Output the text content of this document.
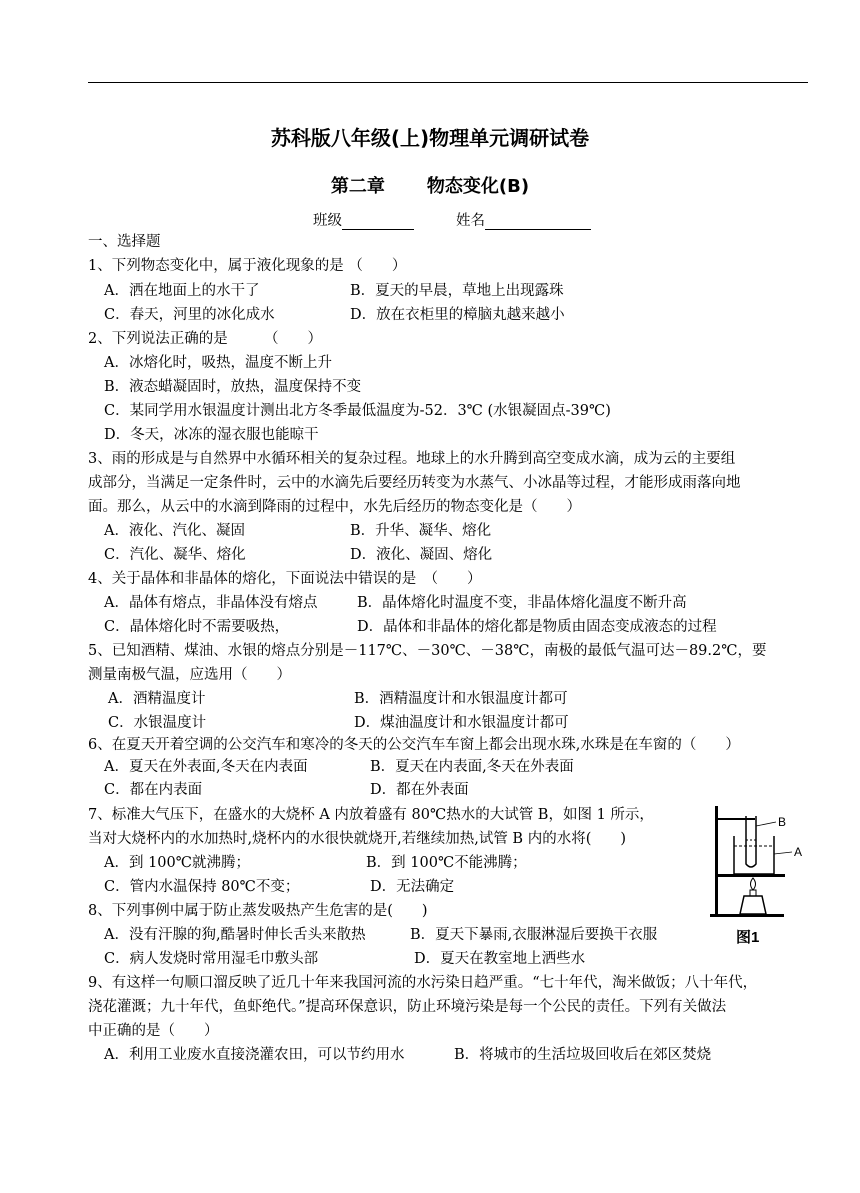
苏科版八年级(上)物理单元调研试卷
第二章 物态变化(B)
班级	姓名
一、选择题
1、下列物态变化中，属于液化现象的是 （　　）
A．洒在地面上的水干了	B．夏天的早晨，草地上出现露珠
C．春天，河里的冰化成水	D．放在衣柜里的樟脑丸越来越小
2、下列说法正确的是　　　（　　）
A．冰熔化时，吸热，温度不断上升
B．液态蜡凝固时，放热，温度保持不变
C．某同学用水银温度计测出北方冬季最低温度为-52．3℃ (水银凝固点-39℃)
D．冬天，冰冻的湿衣服也能晾干
3、雨的形成是与自然界中水循环相关的复杂过程。地球上的水升腾到高空变成水滴，成为云的主要组
成部分，当满足一定条件时，云中的水滴先后要经历转变为水蒸气、小冰晶等过程，才能形成雨落向地
面。那么，从云中的水滴到降雨的过程中，水先后经历的物态变化是（　　）
A．液化、汽化、凝固	B．升华、凝华、熔化
C．汽化、凝华、熔化	D．液化、凝固、熔化
4、关于晶体和非晶体的熔化，下面说法中错误的是　（　　）
A．晶体有熔点，非晶体没有熔点	B．晶体熔化时温度不变，非晶体熔化温度不断升高
C．晶体熔化时不需要吸热，	D．晶体和非晶体的熔化都是物质由固态变成液态的过程
5、已知酒精、煤油、水银的熔点分别是－117℃、－30℃、－38℃，南极的最低气温可达－89.2℃，要
测量南极气温，应选用（　　）
A．酒精温度计	B．酒精温度计和水银温度计都可
C．水银温度计	D．煤油温度计和水银温度计都可
6、在夏天开着空调的公交汽车和寒冷的冬天的公交汽车车窗上都会出现水珠,水珠是在车窗的（　　）
A．夏天在外表面,冬天在内表面	B．夏天在内表面,冬天在外表面
C．都在内表面	D．都在外表面
7、标准大气压下，在盛水的大烧杯 A 内放着盛有 80℃热水的大试管 B，如图 1 所示，
当对大烧杯内的水加热时,烧杯内的水很快就烧开,若继续加热,试管 B 内的水将(　　)
A．到 100℃就沸腾；	B．到 100℃不能沸腾；
C．管内水温保持 80℃不变；	D．无法确定
8、下列事例中属于防止蒸发吸热产生危害的是(　　)
A．没有汗腺的狗,酷暑时伸长舌头来散热	B．夏天下暴雨,衣服淋湿后要换干衣服
C．病人发烧时常用湿毛巾敷头部	D．夏天在教室地上洒些水
9、有这样一句顺口溜反映了近几十年来我国河流的水污染日趋严重。“七十年代，淘米做饭；八十年代，
浇花灌溉；九十年代，鱼虾绝代。”提高环保意识，防止环境污染是每一个公民的责任。下列有关做法
中正确的是（　　）
A．利用工业废水直接浇灌农田，可以节约用水	B．将城市的生活垃圾回收后在郊区焚烧
B
A
图1
